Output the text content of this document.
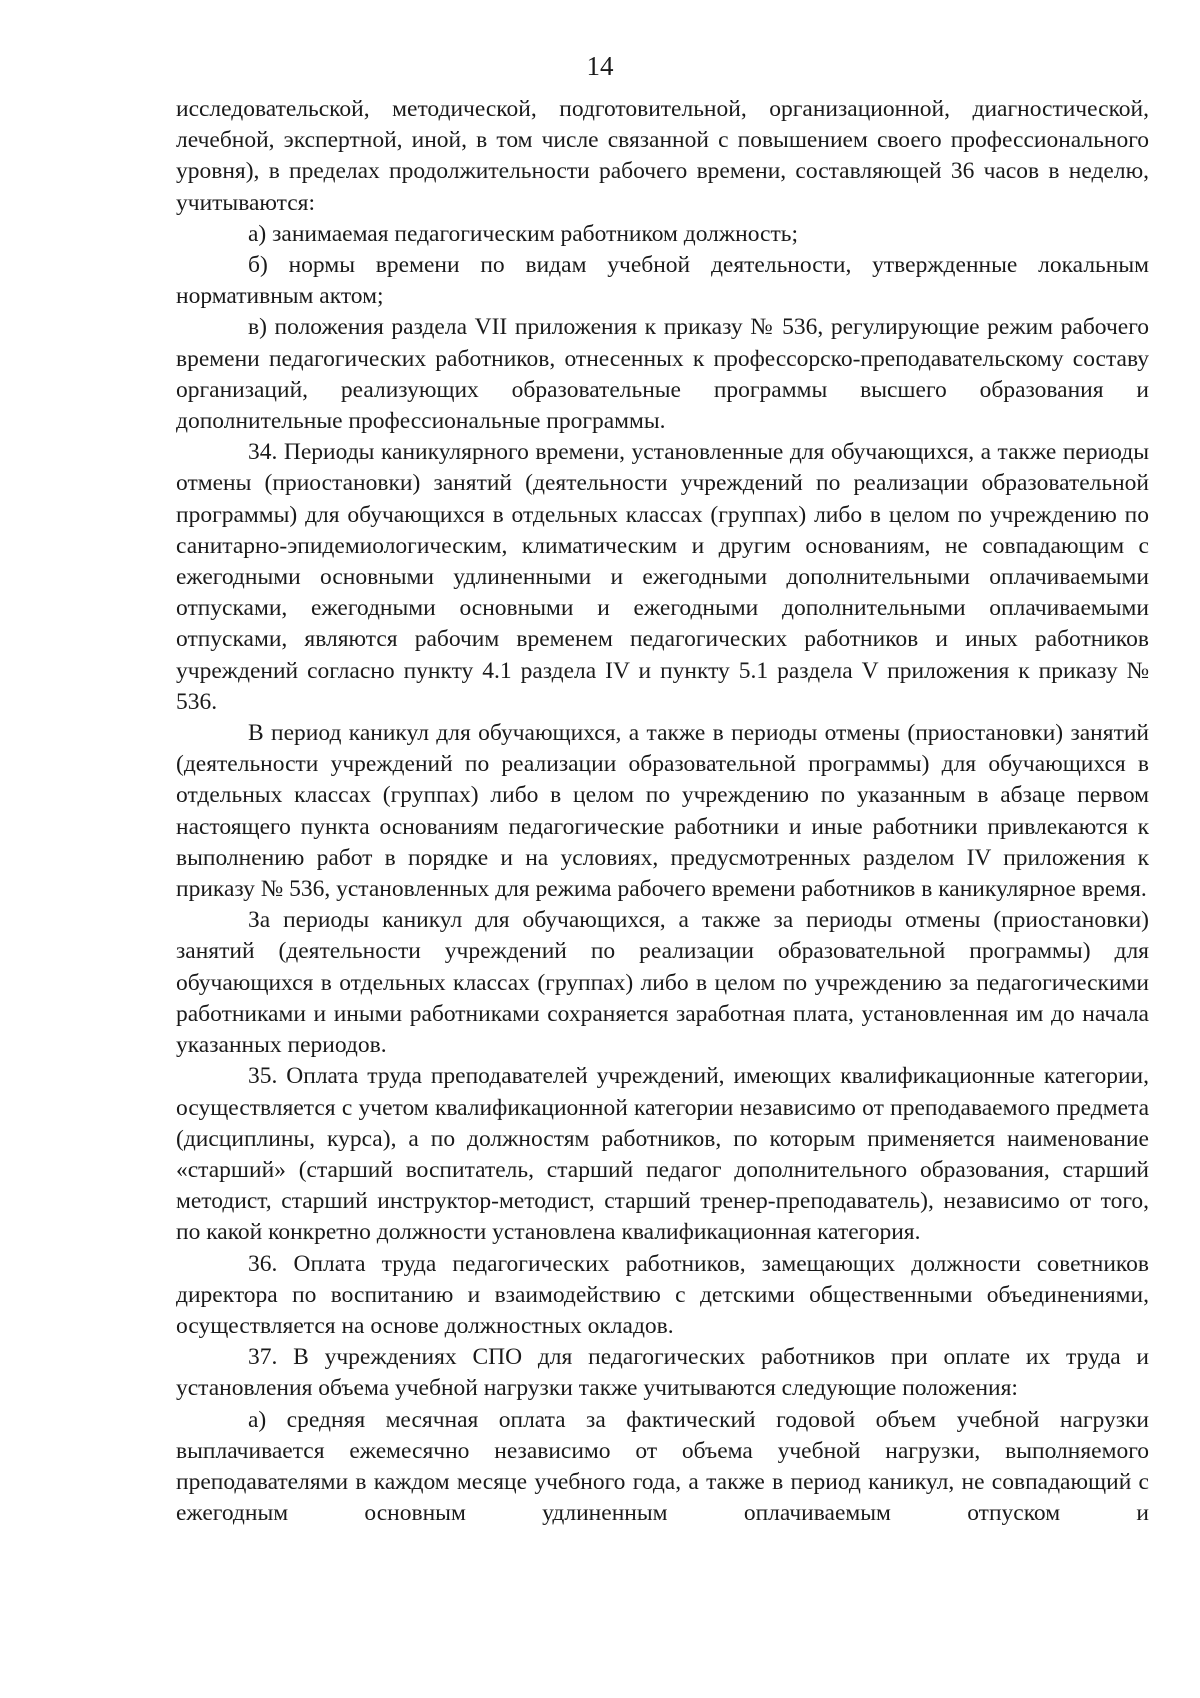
14

исследовательской, методической, подготовительной, организационной, диагностической, лечебной, экспертной, иной, в том числе связанной с повышением своего профессионального уровня), в пределах продолжительности рабочего времени, составляющей 36 часов в неделю, учитываются:

а) занимаемая педагогическим работником должность;

б) нормы времени по видам учебной деятельности, утвержденные локальным нормативным актом;

в) положения раздела VII приложения к приказу № 536, регулирующие режим рабочего времени педагогических работников, отнесенных к профессорско-преподавательскому составу организаций, реализующих образовательные программы высшего образования и дополнительные профессиональные программы.

34. Периоды каникулярного времени, установленные для обучающихся, а также периоды отмены (приостановки) занятий (деятельности учреждений по реализации образовательной программы) для обучающихся в отдельных классах (группах) либо в целом по учреждению по санитарно-эпидемиологическим, климатическим и другим основаниям, не совпадающим с ежегодными основными удлиненными и ежегодными дополнительными оплачиваемыми отпусками, ежегодными основными и ежегодными дополнительными оплачиваемыми отпусками, являются рабочим временем педагогических работников и иных работников учреждений согласно пункту 4.1 раздела IV и пункту 5.1 раздела V приложения к приказу № 536.

В период каникул для обучающихся, а также в периоды отмены (приостановки) занятий (деятельности учреждений по реализации образовательной программы) для обучающихся в отдельных классах (группах) либо в целом по учреждению по указанным в абзаце первом настоящего пункта основаниям педагогические работники и иные работники привлекаются к выполнению работ в порядке и на условиях, предусмотренных разделом IV приложения к приказу № 536, установленных для режима рабочего времени работников в каникулярное время.

За периоды каникул для обучающихся, а также за периоды отмены (приостановки) занятий (деятельности учреждений по реализации образовательной программы) для обучающихся в отдельных классах (группах) либо в целом по учреждению за педагогическими работниками и иными работниками сохраняется заработная плата, установленная им до начала указанных периодов.

35. Оплата труда преподавателей учреждений, имеющих квалификационные категории, осуществляется с учетом квалификационной категории независимо от преподаваемого предмета (дисциплины, курса), а по должностям работников, по которым применяется наименование «старший» (старший воспитатель, старший педагог дополнительного образования, старший методист, старший инструктор-методист, старший тренер-преподаватель), независимо от того, по какой конкретно должности установлена квалификационная категория.

36. Оплата труда педагогических работников, замещающих должности советников директора по воспитанию и взаимодействию с детскими общественными объединениями, осуществляется на основе должностных окладов.

37. В учреждениях СПО для педагогических работников при оплате их труда и установления объема учебной нагрузки также учитываются следующие положения:

а) средняя месячная оплата за фактический годовой объем учебной нагрузки выплачивается ежемесячно независимо от объема учебной нагрузки, выполняемого преподавателями в каждом месяце учебного года, а также в период каникул, не совпадающий с ежегодным основным удлиненным оплачиваемым отпуском и
